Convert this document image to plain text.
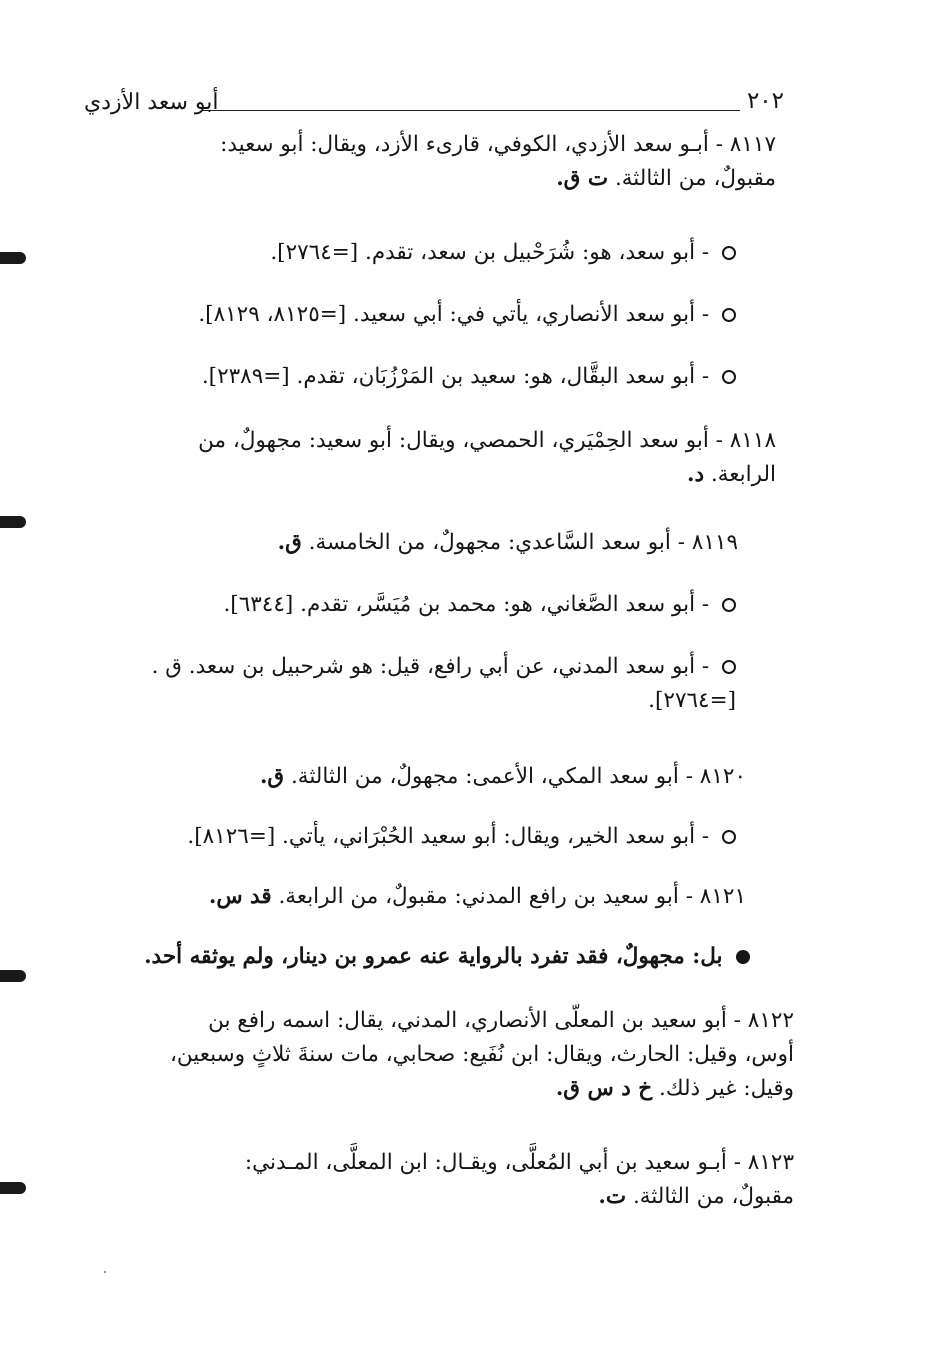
٢٠٢
أبو سعد الأزدي
٨١١٧ - أبـو سعد الأزدي، الكوفي، قارىء الأزد، ويقال: أبو سعيد:
مقبولٌ، من الثالثة. ت ق.
- أبو سعد، هو: شُرَحْبيل بن سعد، تقدم. [=٢٧٦٤].
- أبو سعد الأنصاري، يأتي في: أبي سعيد. [=٨١٢٥، ٨١٢٩].
- أبو سعد البقَّال، هو: سعيد بن المَرْزُبَان، تقدم. [=٢٣٨٩].
٨١١٨ - أبو سعد الحِمْيَري، الحمصي، ويقال: أبو سعيد: مجهولٌ، من
الرابعة. د.
٨١١٩ - أبو سعد السَّاعدي: مجهولٌ، من الخامسة. ق.
- أبو سعد الصَّغاني، هو: محمد بن مُيَسَّر، تقدم. [٦٣٤٤].
- أبو سعد المدني، عن أبي رافع، قيل: هو شرحبيل بن سعد. ق .
[=٢٧٦٤].
٨١٢٠ - أبو سعد المكي، الأعمى: مجهولٌ، من الثالثة. ق.
- أبو سعد الخير، ويقال: أبو سعيد الحُبْرَاني، يأتي. [=٨١٢٦].
٨١٢١ - أبو سعيد بن رافع المدني: مقبولٌ، من الرابعة. قد س.
بل: مجهولٌ، فقد تفرد بالرواية عنه عمرو بن دينار، ولم يوثقه أحد.
٨١٢٢ - أبو سعيد بن المعلّى الأنصاري، المدني، يقال: اسمه رافع بن
أوس، وقيل: الحارث، ويقال: ابن نُفَيع: صحابي، مات سنةَ ثلاثٍ وسبعين،
وقيل: غير ذلك. خ د س ق.
٨١٢٣ - أبـو سعيد بن أبي المُعلَّى، ويقـال: ابن المعلَّى، المـدني:
مقبولٌ، من الثالثة. ت.
